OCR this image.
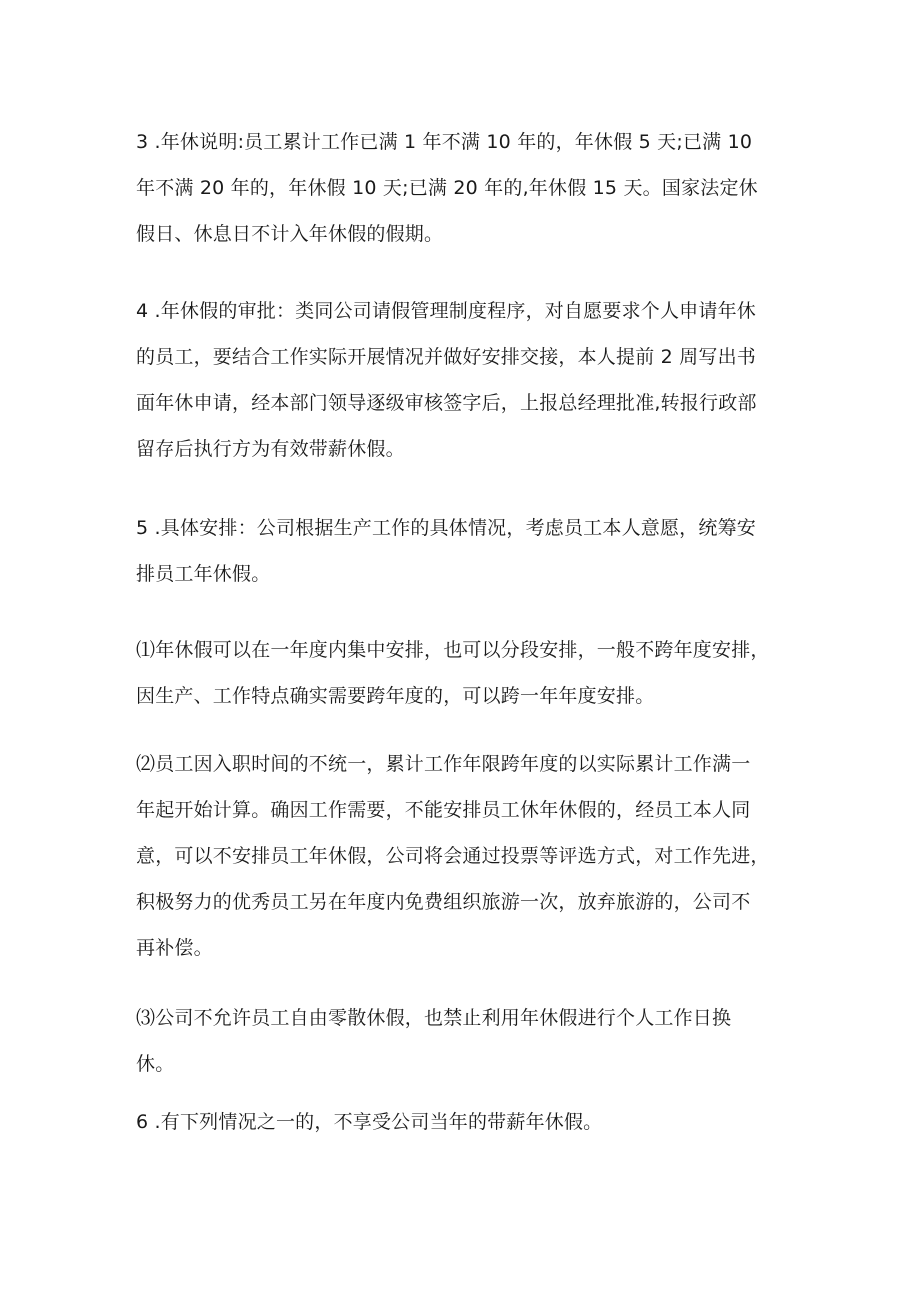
3 .年休说明:员工累计工作已满 1 年不满 10 年的，年休假 5 天;已满 10
年不满 20 年的，年休假 10 天;已满 20 年的,年休假 15 天。国家法定休
假日、休息日不计入年休假的假期。
4 .年休假的审批：类同公司请假管理制度程序，对自愿要求个人申请年休
的员工，要结合工作实际开展情况并做好安排交接，本人提前 2 周写出书
面年休申请，经本部门领导逐级审核签字后，上报总经理批准,转报行政部
留存后执行方为有效带薪休假。
5 .具体安排：公司根据生产工作的具体情况，考虑员工本人意愿，统筹安
排员工年休假。
⑴年休假可以在一年度内集中安排，也可以分段安排，一般不跨年度安排，
因生产、工作特点确实需要跨年度的，可以跨一年年度安排。
⑵员工因入职时间的不统一，累计工作年限跨年度的以实际累计工作满一
年起开始计算。确因工作需要，不能安排员工休年休假的，经员工本人同
意，可以不安排员工年休假，公司将会通过投票等评选方式，对工作先进，
积极努力的优秀员工另在年度内免费组织旅游一次，放弃旅游的，公司不
再补偿。
⑶公司不允许员工自由零散休假，也禁止利用年休假进行个人工作日换
休。
6 .有下列情况之一的，不享受公司当年的带薪年休假。
